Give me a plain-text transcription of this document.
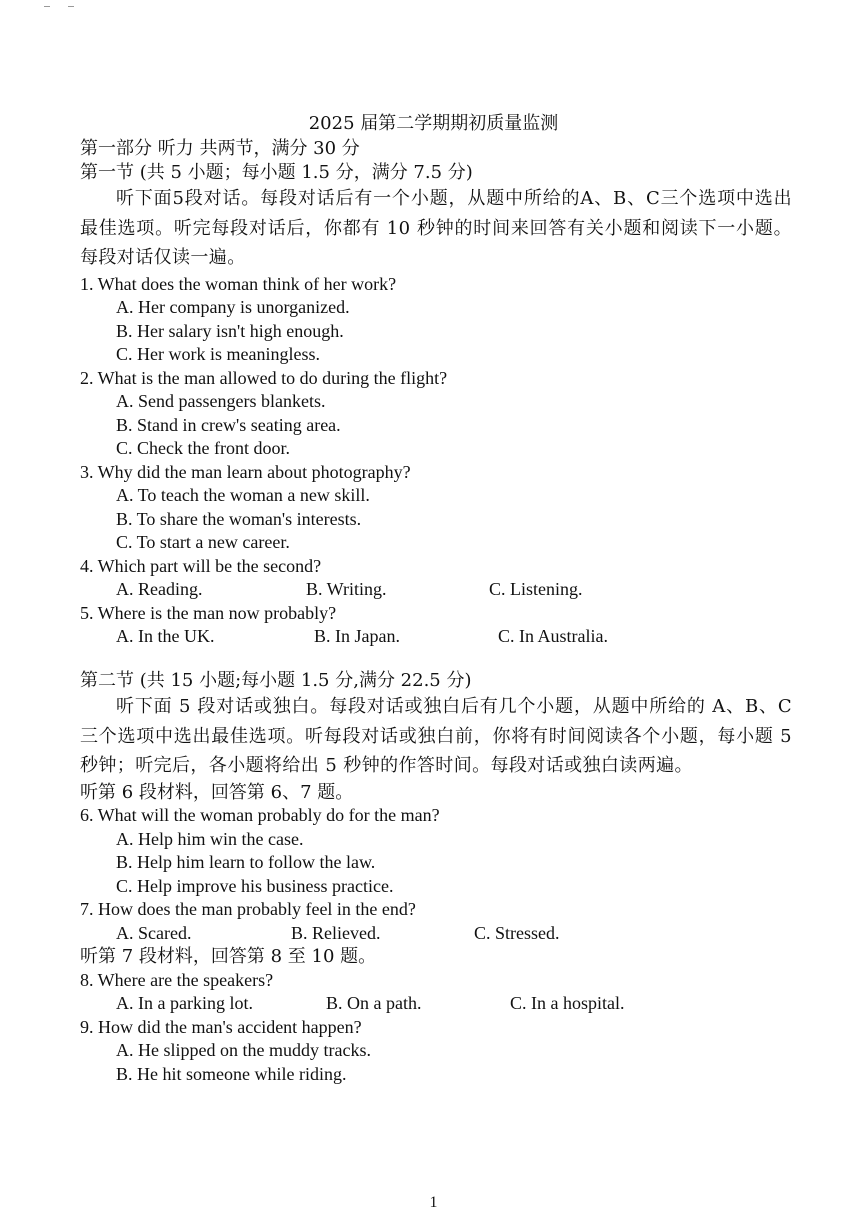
2025 届第二学期期初质量监测
第一部分 听力 共两节，满分 30 分
第一节 (共 5 小题；每小题 1.5 分，满分 7.5 分)
听下面5段对话。每段对话后有一个小题，从题中所给的A、B、C三个选项中选出最佳选项。听完每段对话后，你都有 10 秒钟的时间来回答有关小题和阅读下一小题。每段对话仅读一遍。
1. What does the woman think of her work?
A. Her company is unorganized.
B. Her salary isn't high enough.
C. Her work is meaningless.
2. What is the man allowed to do during the flight?
A. Send passengers blankets.
B. Stand in crew's seating area.
C. Check the front door.
3. Why did the man learn about photography?
A. To teach the woman a new skill.
B. To share the woman's interests.
C. To start a new career.
4. Which part will be the second?
A. Reading.	B. Writing.	C. Listening.
5. Where is the man now probably?
A. In the UK.	B. In Japan.	C. In Australia.
第二节 (共 15 小题;每小题 1.5 分,满分 22.5 分)
听下面 5 段对话或独白。每段对话或独白后有几个小题，从题中所给的 A、B、C 三个选项中选出最佳选项。听每段对话或独白前，你将有时间阅读各个小题，每小题 5 秒钟；听完后，各小题将给出 5 秒钟的作答时间。每段对话或独白读两遍。
听第 6 段材料，回答第 6、7 题。
6. What will the woman probably do for the man?
A. Help him win the case.
B. Help him learn to follow the law.
C. Help improve his business practice.
7. How does the man probably feel in the end?
A. Scared.	B. Relieved.	C. Stressed.
听第 7 段材料，回答第 8 至 10 题。
8. Where are the speakers?
A. In a parking lot.	B. On a path.	C. In a hospital.
9. How did the man's accident happen?
A. He slipped on the muddy tracks.
B. He hit someone while riding.
1
